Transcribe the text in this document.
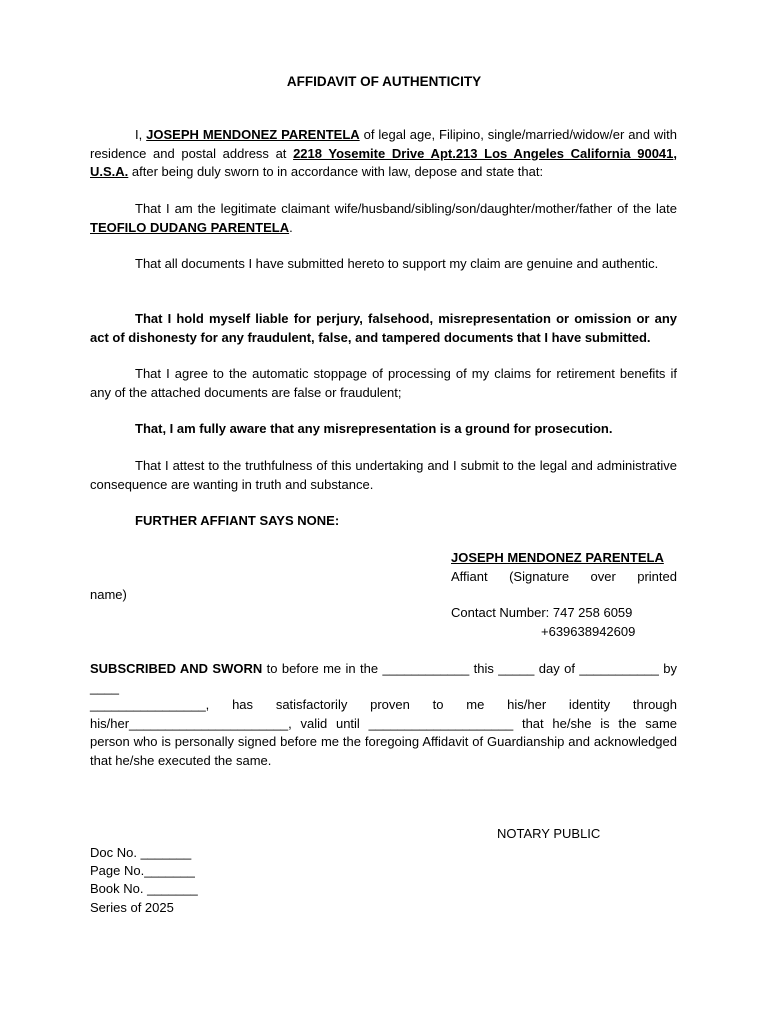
AFFIDAVIT OF AUTHENTICITY

I, JOSEPH MENDONEZ PARENTELA of legal age, Filipino, single/married/widow/er and with residence and postal address at 2218 Yosemite Drive Apt.213 Los Angeles California 90041, U.S.A. after being duly sworn to in accordance with law, depose and state that:

That I am the legitimate claimant wife/husband/sibling/son/daughter/mother/father of the late TEOFILO DUDANG PARENTELA.

That all documents I have submitted hereto to support my claim are genuine and authentic.

That I hold myself liable for perjury, falsehood, misrepresentation or omission or any act of dishonesty for any fraudulent, false, and tampered documents that I have submitted.

That I agree to the automatic stoppage of processing of my claims for retirement benefits if any of the attached documents are false or fraudulent;

That, I am fully aware that any misrepresentation is a ground for prosecution.

That I attest to the truthfulness of this undertaking and I submit to the legal and administrative consequence are wanting in truth and substance.

FURTHER AFFIANT SAYS NONE:

JOSEPH MENDONEZ PARENTELA
Affiant (Signature over printed
name)
Contact Number: 747 258 6059
+639638942609

SUBSCRIBED AND SWORN to before me in the ____________ this _____ day of ___________ by ____

________________, has satisfactorily proven to me his/her identity through his/her______________________, valid until ____________________ that he/she is the same person who is personally signed before me the foregoing Affidavit of Guardianship and acknowledged that he/she executed the same.

NOTARY PUBLIC
Doc No. _______
Page No._______
Book No. _______
Series of 2025
